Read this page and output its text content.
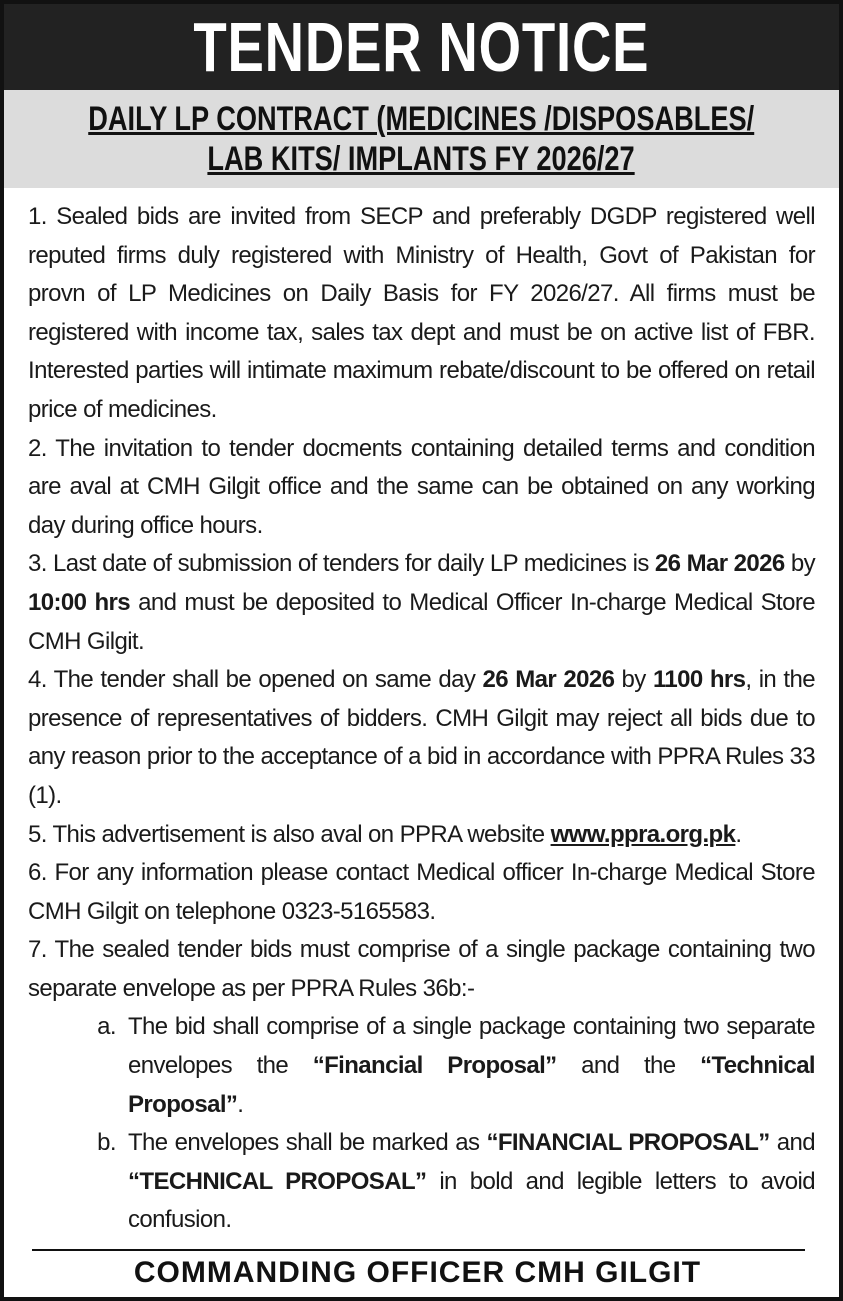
TENDER NOTICE
DAILY LP CONTRACT (MEDICINES /DISPOSABLES/
LAB KITS/ IMPLANTS FY 2026/27

1. Sealed bids are invited from SECP and preferably DGDP registered well reputed firms duly registered with Ministry of Health, Govt of Pakistan for provn of LP Medicines on Daily Basis for FY 2026/27. All firms must be registered with income tax, sales tax dept and must be on active list of FBR. Interested parties will intimate maximum rebate/discount to be offered on retail price of medicines.

2. The invitation to tender docments containing detailed terms and condition are aval at CMH Gilgit office and the same can be obtained on any working day during office hours.

3. Last date of submission of tenders for daily LP medicines is 26 Mar 2026 by 10:00 hrs and must be deposited to Medical Officer In-charge Medical Store CMH Gilgit.

4. The tender shall be opened on same day 26 Mar 2026 by 1100 hrs, in the presence of representatives of bidders. CMH Gilgit may reject all bids due to any reason prior to the acceptance of a bid in accordance with PPRA Rules 33 (1).

5. This advertisement is also aval on PPRA website www.ppra.org.pk.

6. For any information please contact Medical officer In-charge Medical Store CMH Gilgit on telephone 0323-5165583.

7. The sealed tender bids must comprise of a single package containing two separate envelope as per PPRA Rules 36b:-

a. The bid shall comprise of a single package containing two separate envelopes the “Financial Proposal” and the “Technical Proposal”.
b. The envelopes shall be marked as “FINANCIAL PROPOSAL” and “TECHNICAL PROPOSAL” in bold and legible letters to avoid confusion.
COMMANDING OFFICER CMH GILGIT
